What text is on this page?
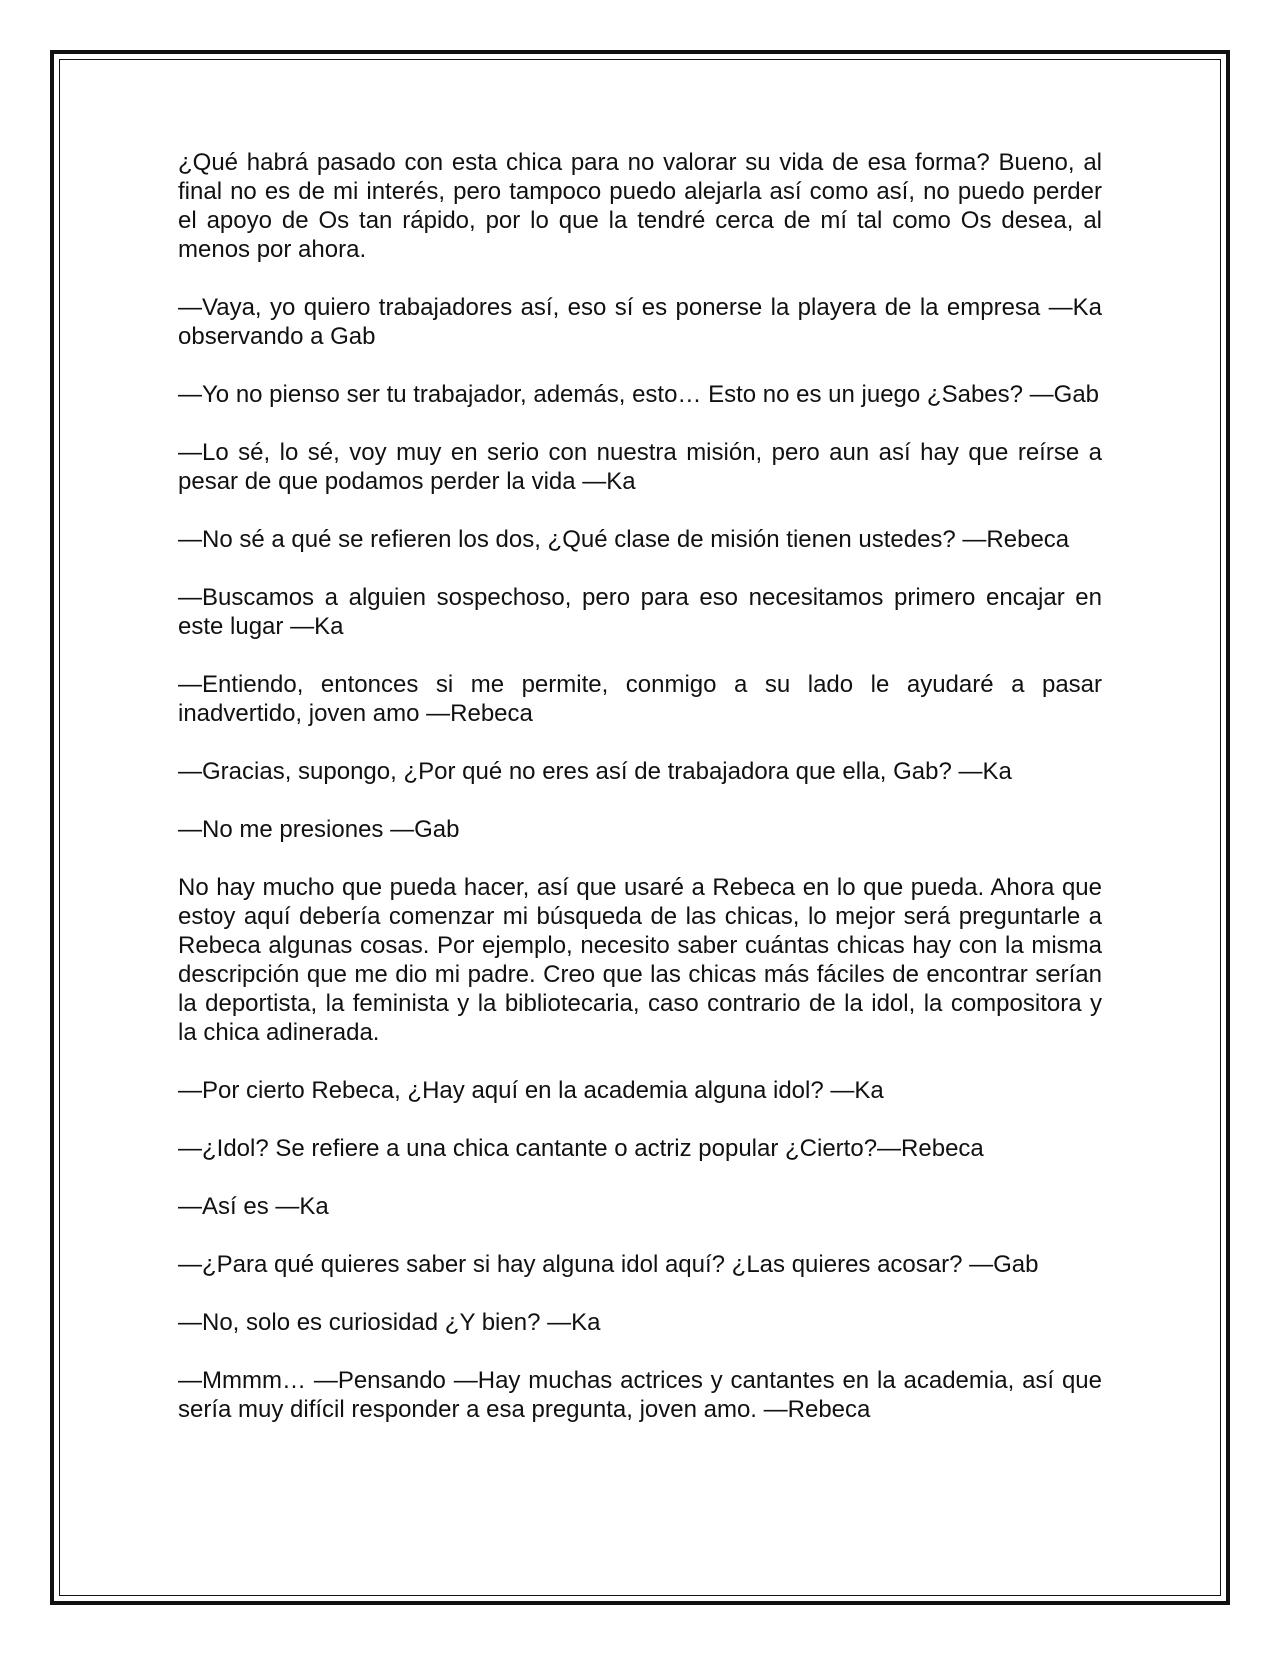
¿Qué habrá pasado con esta chica para no valorar su vida de esa forma? Bueno, al final no es de mi interés, pero tampoco puedo alejarla así como así, no puedo perder el apoyo de Os tan rápido, por lo que la tendré cerca de mí tal como Os desea, al menos por ahora.

—Vaya, yo quiero trabajadores así, eso sí es ponerse la playera de la empresa —Ka observando a Gab

—Yo no pienso ser tu trabajador, además, esto… Esto no es un juego ¿Sabes? —Gab

—Lo sé, lo sé, voy muy en serio con nuestra misión, pero aun así hay que reírse a pesar de que podamos perder la vida —Ka

—No sé a qué se refieren los dos, ¿Qué clase de misión tienen ustedes? —Rebeca

—Buscamos a alguien sospechoso, pero para eso necesitamos primero encajar en este lugar —Ka

—Entiendo, entonces si me permite, conmigo a su lado le ayudaré a pasar inadvertido, joven amo —Rebeca

—Gracias, supongo, ¿Por qué no eres así de trabajadora que ella, Gab? —Ka

—No me presiones —Gab

No hay mucho que pueda hacer, así que usaré a Rebeca en lo que pueda. Ahora que estoy aquí debería comenzar mi búsqueda de las chicas, lo mejor será preguntarle a Rebeca algunas cosas. Por ejemplo, necesito saber cuántas chicas hay con la misma descripción que me dio mi padre. Creo que las chicas más fáciles de encontrar serían la deportista, la feminista y la bibliotecaria, caso contrario de la idol, la compositora y la chica adinerada.

—Por cierto Rebeca, ¿Hay aquí en la academia alguna idol? —Ka

—¿Idol? Se refiere a una chica cantante o actriz popular ¿Cierto?—Rebeca

—Así es —Ka

—¿Para qué quieres saber si hay alguna idol aquí? ¿Las quieres acosar? —Gab

—No, solo es curiosidad ¿Y bien? —Ka

—Mmmm… —Pensando —Hay muchas actrices y cantantes en la academia, así que sería muy difícil responder a esa pregunta, joven amo. —Rebeca
